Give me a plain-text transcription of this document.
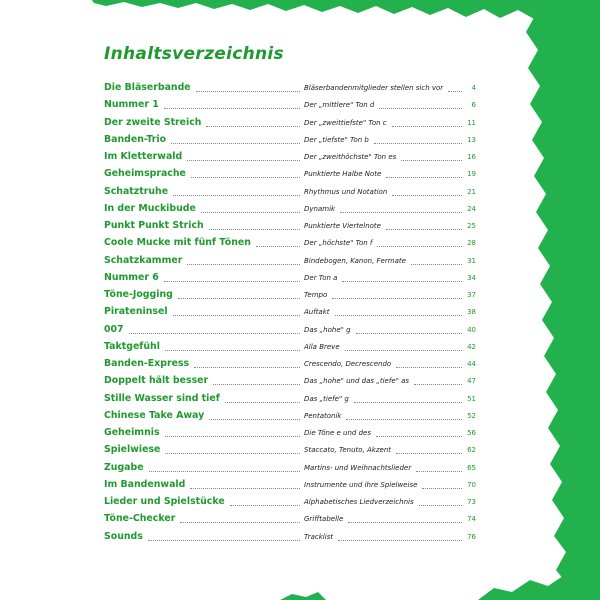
Inhaltsverzeichnis
Die Bläserbande	Bläserbandenmitglieder stellen sich vor	4
Nummer 1	Der „mittlere" Ton d	6
Der zweite Streich	Der „zweittiefste" Ton c	11
Banden-Trio	Der „tiefste" Ton b	13
Im Kletterwald	Der „zweithöchste" Ton es	16
Geheimsprache	Punktierte Halbe Note	19
Schatztruhe	Rhythmus und Notation	21
In der Muckibude	Dynamik	24
Punkt Punkt Strich	Punktierte Viertelnote	25
Coole Mucke mit fünf Tönen	Der „höchste" Ton f	28
Schatzkammer	Bindebogen, Kanon, Fermate	31
Nummer 6	Der Ton a	34
Töne-Jogging	Tempo	37
Pirateninsel	Auftakt	38
007	Das „hohe" g	40
Taktgefühl	Alla Breve	42
Banden-Express	Crescendo, Decrescendo	44
Doppelt hält besser	Das „hohe" und das „tiefe" as	47
Stille Wasser sind tief	Das „tiefe" g	51
Chinese Take Away	Pentatonik	52
Geheimnis	Die Töne e und des	56
Spielwiese	Staccato, Tenuto, Akzent	62
Zugabe	Martins- und Weihnachtslieder	65
Im Bandenwald	Instrumente und ihre Spielweise	70
Lieder und Spielstücke	Alphabetisches Liedverzeichnis	73
Töne-Checker	Grifftabelle	74
Sounds	Tracklist	76
